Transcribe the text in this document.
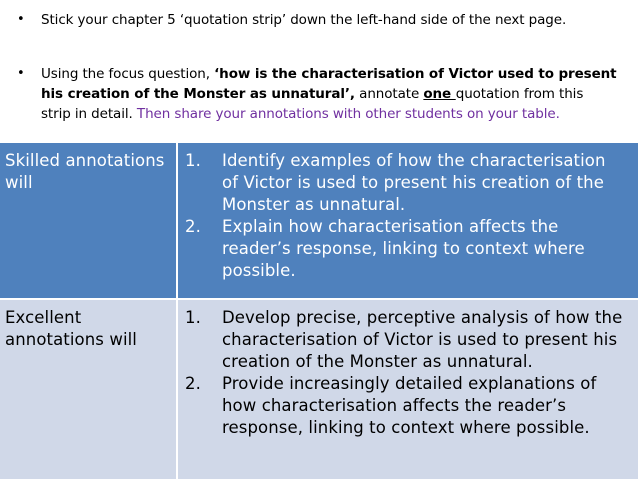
• Stick your chapter 5 ‘quotation strip’ down the left-hand side of the next page.
• Using the focus question, ‘how is the characterisation of Victor used to present
his creation of the Monster as unnatural’, annotate one quotation from this
strip in detail. Then share your annotations with other students on your table.
Skilled annotations
will
1. Identify examples of how the characterisation
of Victor is used to present his creation of the
Monster as unnatural.
2. Explain how characterisation affects the
reader’s response, linking to context where
possible.
Excellent
annotations will
1. Develop precise, perceptive analysis of how the
characterisation of Victor is used to present his
creation of the Monster as unnatural.
2. Provide increasingly detailed explanations of
how characterisation affects the reader’s
response, linking to context where possible.
